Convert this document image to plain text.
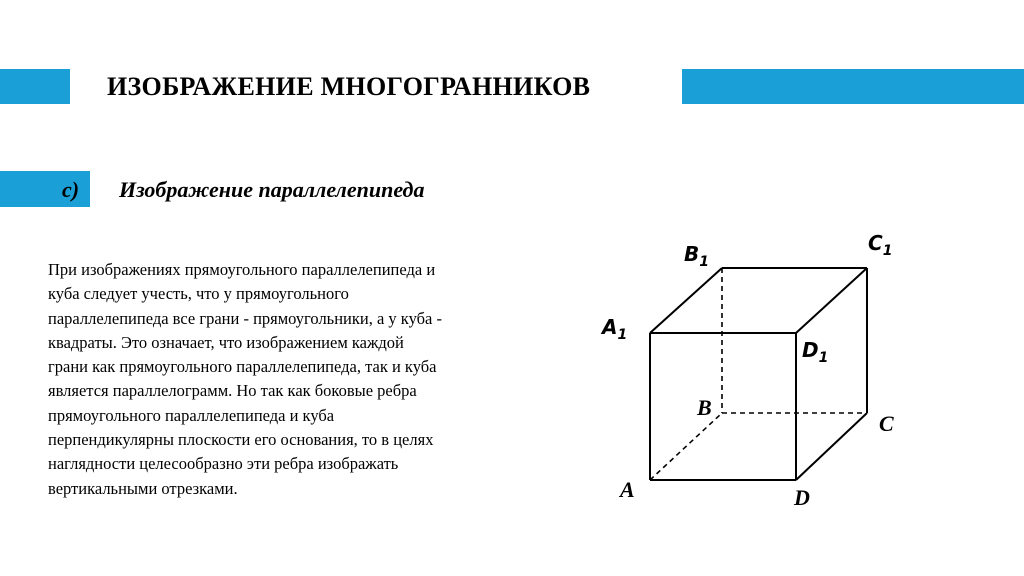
ИЗОБРАЖЕНИЕ МНОГОГРАННИКОВ
c) Изображение параллелепипеда
При изображениях прямоугольного параллелепипеда и
куба следует учесть, что у прямоугольного
параллелепипеда все грани - прямоугольники, а у куба -
квадраты. Это означает, что изображением каждой
грани как прямоугольного параллелепипеда, так и куба
является параллелограмм. Но так как боковые ребра
прямоугольного параллелепипеда и куба
перпендикулярны плоскости его основания, то в целях
наглядности целесообразно эти ребра изображать
вертикальными отрезками.
$B_1$
$C_1$
$A_1$
$D_1$
B
C
A	D
